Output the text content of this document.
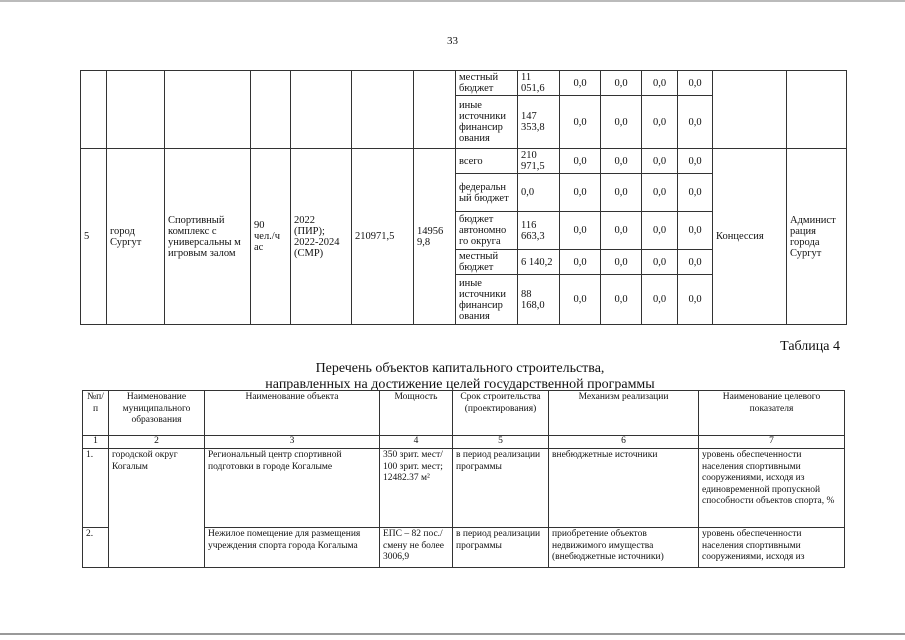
33
							местный бюджет	11 051,6	0,0	0,0	0,0	0,0		
							иные источники финансир ования	147 353,8	0,0	0,0	0,0	0,0		
5	город Сургут	Спортивный комплекс с универсальны м игровым залом	90 чел./ч ас	2022 (ПИР); 2022-2024 (СМР)	210971,5	14956 9,8	всего	210 971,5	0,0	0,0	0,0	0,0	Концессия	Админист рация города Сургут
							федеральн ый бюджет	0,0	0,0	0,0	0,0	0,0		
							бюджет автономно го округа	116 663,3	0,0	0,0	0,0	0,0		
							местный бюджет	6 140,2	0,0	0,0	0,0	0,0		
							иные источники финансир ования	88 168,0	0,0	0,0	0,0	0,0		
Таблица 4
Перечень объектов капитального строительства,
направленных на достижение целей государственной программы
№п/п	Наименование муниципального образования	Наименование объекта	Мощность	Срок строительства (проектирования)	Механизм реализации	Наименование целевого показателя
1	2	3	4	5	6	7
1.	городской округ Когалым	Региональный центр спортивной подготовки в городе Когалыме	350 зрит. мест/ 100 зрит. мест; 12482.37 м²	в период реализации программы	внебюджетные источники	уровень обеспеченности населения спортивными сооружениями, исходя из единовременной пропускной способности объектов спорта, %
2.		Нежилое помещение для размещения учреждения спорта города Когалыма	ЕПС – 82 пос./смену не более 3006,9	в период реализации программы	приобретение объектов недвижимого имущества (внебюджетные источники)	уровень обеспеченности населения спортивными сооружениями, исходя из
